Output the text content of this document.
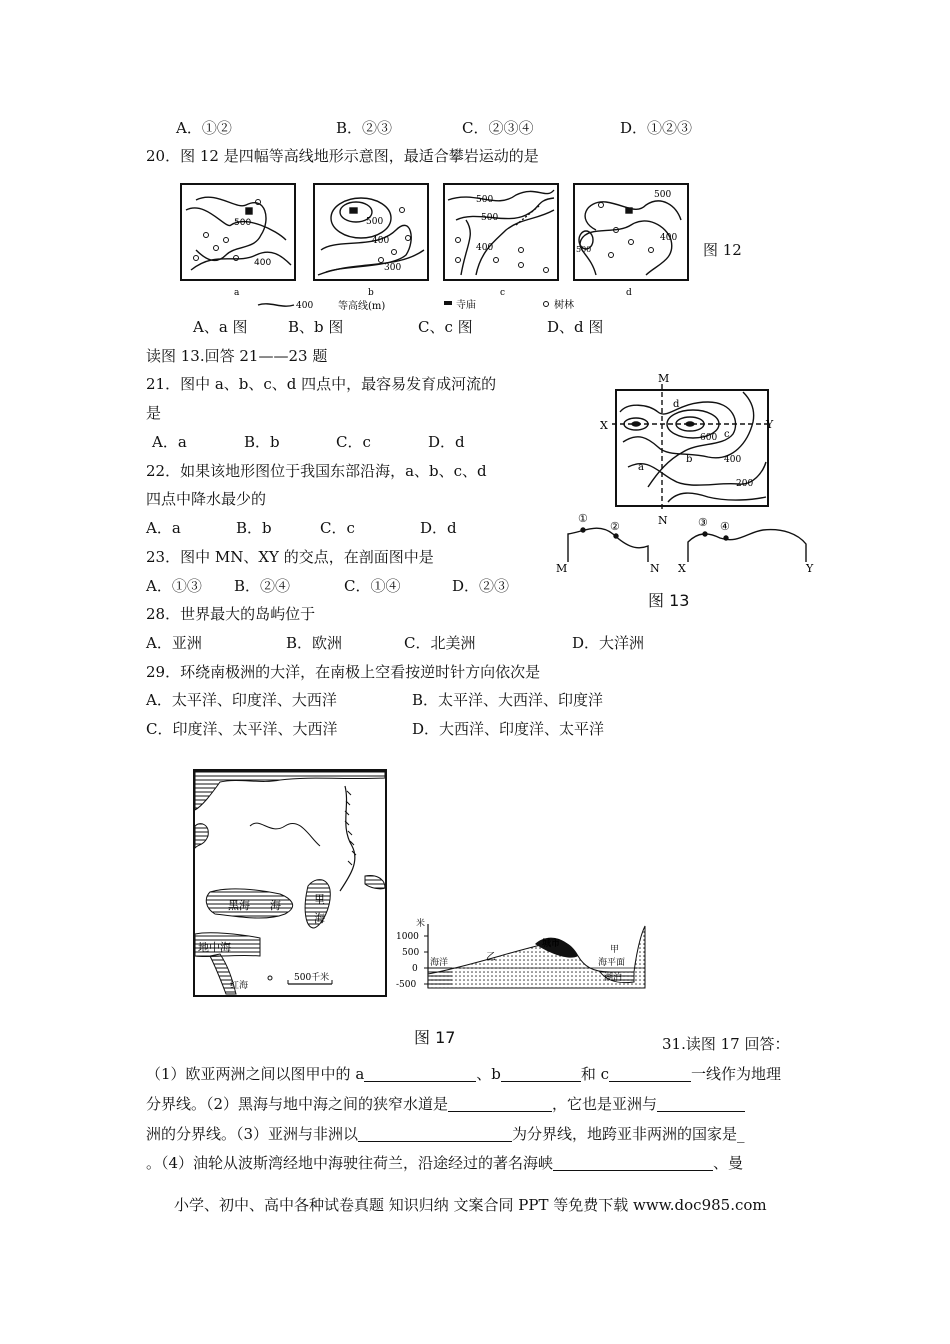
A．①②	B．②③	C．②③④	D．①②③
20．图 12 是四幅等高线地形示意图，最适合攀岩运动的是
500
400
a
500
400
300
b
500
500
400
c
500
400
500
d
400 等高线(m)	寺庙	树林
图 12
A、a 图	B、b 图	C、c 图	D、d 图
读图 13.回答 21——23 题
21．图中 a、b、c、d 四点中，最容易发育成河流的
是
A．a	B．b	C．c	D．d
22．如果该地形图位于我国东部沿海，a、b、c、d
四点中降水最少的
A．a	B．b	C．c	D．d
23．图中 MN、XY 的交点，在剖面图中是
A．①③ B．②④	C．①④	D．②③
M
N
X	Y
d
c
b
a
600
400
200
①
②
M	N
③ ④
X	Y
图 13
28．世界最大的岛屿位于
A．亚洲	B．欧洲	C．北美洲	D．大洋洲
29．环绕南极洲的大洋，在南极上空看按逆时针方向依次是
A．太平洋、印度洋、大西洋	B．太平洋、大西洋、印度洋
C．印度洋、太平洋、大西洋	D．大西洋、印度洋、太平洋
黑海 海	里
海
地中海
红海
500千米
米
1000
500
0
-500
海洋	乙
城市
甲
海平面
湖泊
图 17	31.读图 17 回答：
（1）欧亚两洲之间以图甲中的 a	、b	和 c	一线作为地理
分界线。（2）黑海与地中海之间的狭窄水道是	，它也是亚洲与
洲的分界线。（3）亚洲与非洲以	为分界线，地跨亚非两洲的国家是_
。（4）油轮从波斯湾经地中海驶往荷兰，沿途经过的著名海峡	、曼
小学、初中、高中各种试卷真题 知识归纳 文案合同 PPT 等免费下载 www.doc985.com
